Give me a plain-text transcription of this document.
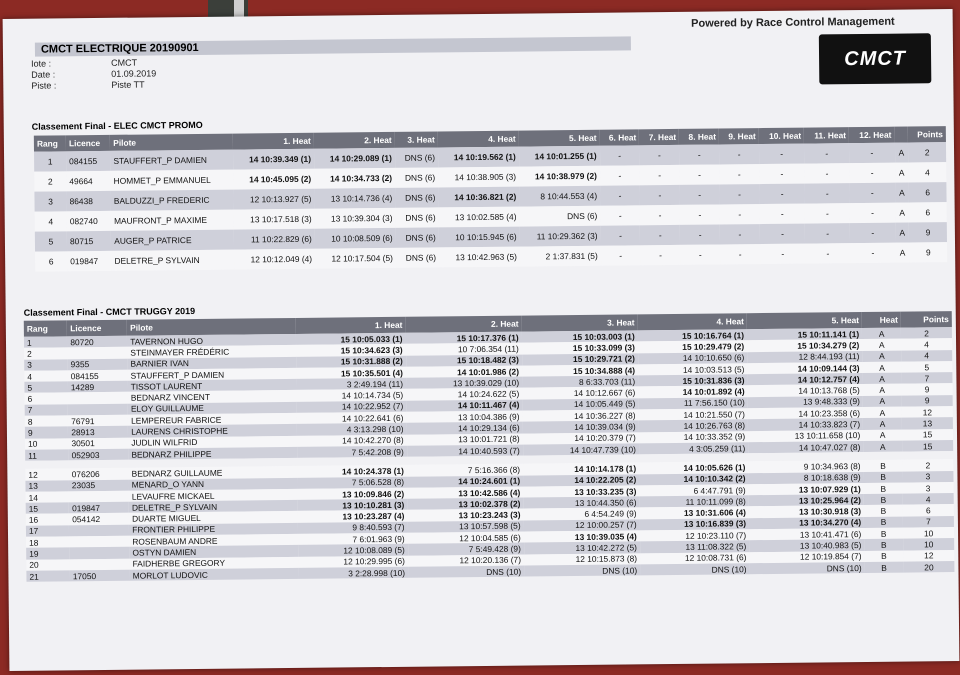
Powered by Race Control Management
CMCT
CMCT ELECTRIQUE 20190901
Iote :	CMCT
Date :	01.09.2019
Piste :	Piste TT
Classement Final - ELEC CMCT PROMO
Rang	Licence	Pilote	1. Heat	2. Heat	3. Heat	4. Heat	5. Heat	6. Heat	7. Heat	8. Heat	9. Heat	10. Heat	11. Heat	12. Heat		Points
1	084155	STAUFFERT_P DAMIEN	14 10:39.349 (1)	14 10:29.089 (1)	DNS (6)	14 10:19.562 (1)	14 10:01.255 (1)	-	-	-	-	-	-	-	A	2
2	49664	HOMMET_P EMMANUEL	14 10:45.095 (2)	14 10:34.733 (2)	DNS (6)	14 10:38.905 (3)	14 10:38.979 (2)	-	-	-	-	-	-	-	A	4
3	86438	BALDUZZI_P FREDERIC	12 10:13.927 (5)	13 10:14.736 (4)	DNS (6)	14 10:36.821 (2)	8 10:44.553 (4)	-	-	-	-	-	-	-	A	6
4	082740	MAUFRONT_P MAXIME	13 10:17.518 (3)	13 10:39.304 (3)	DNS (6)	13 10:02.585 (4)	DNS (6)	-	-	-	-	-	-	-	A	6
5	80715	AUGER_P PATRICE	11 10:22.829 (6)	10 10:08.509 (6)	DNS (6)	10 10:15.945 (6)	11 10:29.362 (3)	-	-	-	-	-	-	-	A	9
6	019847	DELETRE_P SYLVAIN	12 10:12.049 (4)	12 10:17.504 (5)	DNS (6)	13 10:42.963 (5)	2 1:37.831 (5)	-	-	-	-	-	-	-	A	9
Classement Final - CMCT TRUGGY 2019
Rang	Licence	Pilote	1. Heat	2. Heat	3. Heat	4. Heat	5. Heat	Heat	Points
1	80720	TAVERNON HUGO	15 10:05.033 (1)	15 10:17.376 (1)	15 10:03.003 (1)	15 10:16.764 (1)	15 10:11.141 (1)	A	2
2		STEINMAYER FRÉDÉRIC	15 10:34.623 (3)	10 7:06.354 (11)	15 10:33.099 (3)	15 10:29.479 (2)	15 10:34.279 (2)	A	4
3	9355	BARNIER IVAN	15 10:31.888 (2)	15 10:18.482 (3)	15 10:29.721 (2)	14 10:10.650 (6)	12 8:44.193 (11)	A	4
4	084155	STAUFFERT_P DAMIEN	15 10:35.501 (4)	14 10:01.986 (2)	15 10:34.888 (4)	14 10:03.513 (5)	14 10:09.144 (3)	A	5
5	14289	TISSOT LAURENT	3 2:49.194 (11)	13 10:39.029 (10)	8 6:33.703 (11)	15 10:31.836 (3)	14 10:12.757 (4)	A	7
6		BEDNARZ VINCENT	14 10:14.734 (5)	14 10:24.622 (5)	14 10:12.667 (6)	14 10:01.892 (4)	14 10:13.768 (5)	A	9
7		ELOY GUILLAUME	14 10:22.952 (7)	14 10:11.467 (4)	14 10:05.449 (5)	11 7:56.150 (10)	13 9:48.333 (9)	A	9
8	76791	LEMPEREUR FABRICE	14 10:22.641 (6)	13 10:04.386 (9)	14 10:36.227 (8)	14 10:21.550 (7)	14 10:23.358 (6)	A	12
9	28913	LAURENS CHRISTOPHE	4 3:13.298 (10)	14 10:29.134 (6)	14 10:39.034 (9)	14 10:26.763 (8)	14 10:33.823 (7)	A	13
10	30501	JUDLIN WILFRID	14 10:42.270 (8)	13 10:01.721 (8)	14 10:20.379 (7)	14 10:33.352 (9)	13 10:11.658 (10)	A	15
11	052903	BEDNARZ PHILIPPE	7 5:42.208 (9)	14 10:40.593 (7)	14 10:47.739 (10)	4 3:05.259 (11)	14 10:47.027 (8)	A	15

12	076206	BEDNARZ GUILLAUME	14 10:24.378 (1)	7 5:16.366 (8)	14 10:14.178 (1)	14 10:05.626 (1)	9 10:34.963 (8)	B	2
13	23035	MENARD_O YANN	7 5:06.528 (8)	14 10:24.601 (1)	14 10:22.205 (2)	14 10:10.342 (2)	8 10:18.638 (9)	B	3
14		LEVAUFRE MICKAEL	13 10:09.846 (2)	13 10:42.586 (4)	13 10:33.235 (3)	6 4:47.791 (9)	13 10:07.929 (1)	B	3
15	019847	DELETRE_P SYLVAIN	13 10:10.281 (3)	13 10:02.378 (2)	13 10:44.350 (6)	11 10:11.099 (8)	13 10:25.964 (2)	B	4
16	054142	DUARTE MIGUEL	13 10:23.287 (4)	13 10:23.243 (3)	6 4:54.249 (9)	13 10:31.606 (4)	13 10:30.918 (3)	B	6
17		FRONTIER PHILIPPE	9 8:40.593 (7)	13 10:57.598 (5)	12 10:00.257 (7)	13 10:16.839 (3)	13 10:34.270 (4)	B	7
18		ROSENBAUM ANDRE	7 6:01.963 (9)	12 10:04.585 (6)	13 10:39.035 (4)	12 10:23.110 (7)	13 10:41.471 (6)	B	10
19		OSTYN DAMIEN	12 10:08.089 (5)	7 5:49.428 (9)	13 10:42.272 (5)	13 11:08.322 (5)	13 10:40.983 (5)	B	10
20		FAIDHERBE GREGORY	12 10:29.995 (6)	12 10:20.136 (7)	12 10:15.873 (8)	12 10:08.731 (6)	12 10:19.854 (7)	B	12
21	17050	MORLOT LUDOVIC	3 2:28.998 (10)	DNS (10)	DNS (10)	DNS (10)	DNS (10)	B	20
